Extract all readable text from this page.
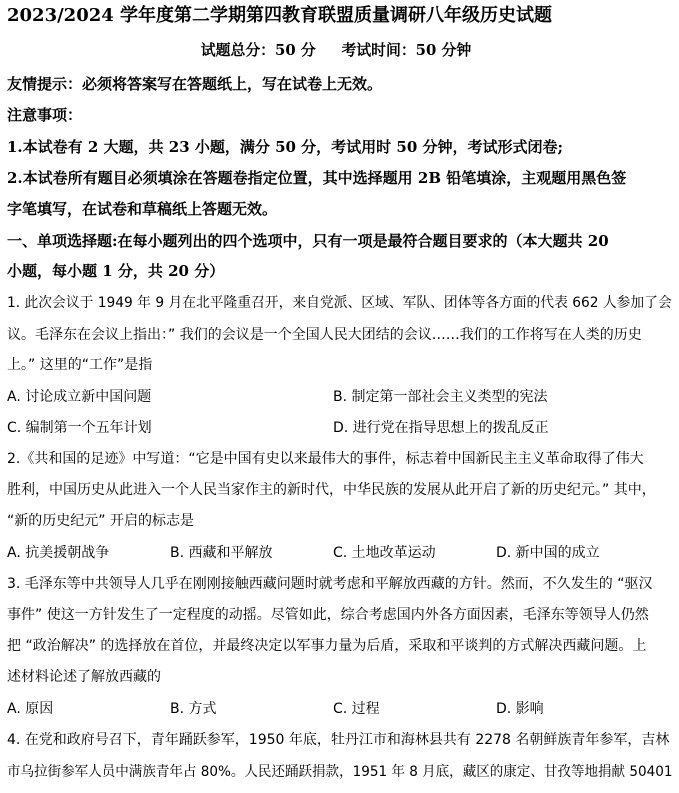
2023/2024 学年度第二学期第四教育联盟质量调研八年级历史试题
试题总分：50 分 考试时间：50 分钟
友情提示：必须将答案写在答题纸上，写在试卷上无效。
注意事项：
1.本试卷有 2 大题，共 23 小题，满分 50 分，考试用时 50 分钟，考试形式闭卷;
2.本试卷所有题目必须填涂在答题卷指定位置，其中选择题用 2B 铅笔填涂，主观题用黑色签
字笔填写，在试卷和草稿纸上答题无效。
一、单项选择题:在每小题列出的四个选项中，只有一项是最符合题目要求的（本大题共 20
小题，每小题 1 分，共 20 分）
1. 此次会议于 1949 年 9 月在北平隆重召开，来自党派、区域、军队、团体等各方面的代表 662 人参加了会
议。毛泽东在会议上指出：” 我们的会议是一个全国人民大团结的会议……我们的工作将写在人类的历史
上。” 这里的“工作”是指
A. 讨论成立新中国问题	B. 制定第一部社会主义类型的宪法
C. 编制第一个五年计划	D. 进行党在指导思想上的拨乱反正
2.《共和国的足迹》中写道：“它是中国有史以来最伟大的事件，标志着中国新民主主义革命取得了伟大
胜利，中国历史从此进入一个人民当家作主的新时代，中华民族的发展从此开启了新的历史纪元。” 其中，
“新的历史纪元” 开启的标志是
A. 抗美援朝战争	B. 西藏和平解放	C. 土地改革运动	D. 新中国的成立
3. 毛泽东等中共领导人几乎在刚刚接触西藏问题时就考虑和平解放西藏的方针。然而，不久发生的 “驱汉
事件” 使这一方针发生了一定程度的动摇。尽管如此，综合考虑国内外各方面因素，毛泽东等领导人仍然
把 “政治解决” 的选择放在首位，并最终决定以军事力量为后盾，采取和平谈判的方式解决西藏问题。上
述材料论述了解放西藏的
A. 原因	B. 方式	C. 过程	D. 影响
4. 在党和政府号召下，青年踊跃参军，1950 年底，牡丹江市和海林县共有 2278 名朝鲜族青年参军，吉林
市乌拉街参军人员中满族青年占 80%。人民还踊跃捐款，1951 年 8 月底，藏区的康定、甘孜等地捐献 50401
